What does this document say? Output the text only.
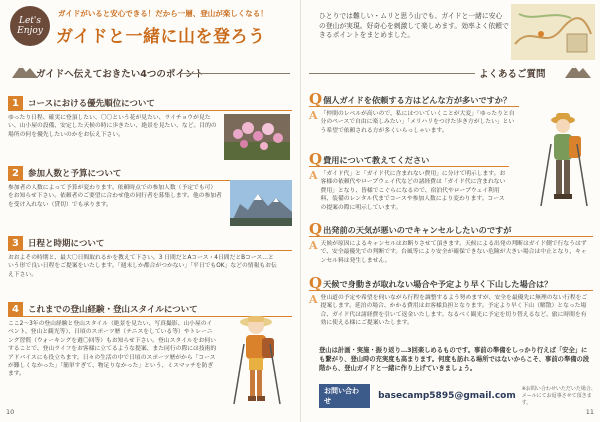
Let's Enjoy
ガイドがいると安心できる！だから一層、登山が楽しくなる！
ガイドと一緒に山を登ろう
ガイドへ伝えておきたい4つのポイント
1	コースにおける優先順位について
ゆったり日程、確実に登頂したい、〇〇という花が見たい、ライチョウが見たい、山小屋の設備、安定した天候の時に歩きたい、絶景を見たい、など。目的の場所の何を優先したいのかをお伝え下さい。
2	参加人数と予算について
参加者の人数によって予算が変わります。依頼時点での参加人数（予定でも可）をお知らせ下さい。依頼者のご要望に合わせ他の同行者を募集します。他の参加者を受け入れない（貸切）でも承ります。
3	日程と時期について
おおよその時期と、最大〇日間取れるかを教えて下さい。3 日間だとAコース・4日間だとBコース…という形で良い日程をご提案をいたします。「週末しか都合がつかない」「平日でもOK」などの情報もお伝え下さい。
4	これまでの登山経験・登山スタイルについて
ここ2〜3年の登山経験と登山スタイル（絶景を見たい、写真撮影、山小屋のイベント、登山と観光等）、日頃のスポーツ歴（テニスをしている等）やトレーニング習慣（ウォーキングを週〇回等）もお知らせ下さい。登山スタイルをお伺いすることで、登山ライフをお客様に立てるような提案、また同行の際には技術的アドバイスにも役立ちます。日々の生活の中で日頃のスポーツ歴がから「コースが難しくなかった」「簡単すぎて、物足りなかった」という、ミスマッチを防ぎます。
10
ひとりでは難しい・ムリと思う山でも、ガイドと一緒に安心の登山が実現。好奇心を刺激して楽しめます。効率よく依頼できるポイントをまとめました。
よくあるご質問
Q 個人ガイドを依頼する方はどんな方が多いですか？
A 「仲間のレベルが高いので、私にはついていくことが大変」「ゆったりと自分のペースで自由に楽しみたい」「メリハリをつけた歩き方がしたい」という希望で依頼される方が多くいらっしゃいます。
Q 費用について教えてください
A 「ガイド代」と「ガイド代に含まれない費用」に分けて明示します。お客様の依頼代やロープウェイ代などの諸経費は「ガイド代に含まれない費用」となり、皆様でこぐらになるので、宿泊代やロープウェイ利用料、装備のレンタル代までコースや参加人数により変わります。コースの提案の際に明示しています。
Q 出発前の天気が悪いのでキャンセルしたいのですが
A 天候が原因によるキャンセルはお断りさせて頂きます。天候による出発の判断はガイド側で行なうはずで、安全最優先での判断です。台風等により安全が確保できない危険が大きい場合は中止となり、キャンセル料は発生しません。
Q 天候で身動きが取れない場合や予定より早く下山した場合は？
A 登山道の予定や希望を伺いながら行程を調整するよう努めますが、安全を最優先に無理のない行程をご提案します。延泊の場合、かかる費用はお客様負担となります。予定より早く下山（解散）となった場合、ガイド代は諸経費を引いて返金いたします。なるべく観光に予定を切り替えるなど、旅に時間を有効に使える様にご提案いたします。
登山は計画・実施・振り返り…3回楽しめるものです。事前の準備をしっかり行えば「安全」にも繋がり、登山時の充実度も高まります。何度も訪れる場所ではないからこそ、事前の準備の段階から、登山ガイドと一緒に作り上げていきましょう。
お問い合わせ	basecamp5895@gmail.com
※お問い合わせいただいた場合、メールにてお返事させて頂きます。
11
